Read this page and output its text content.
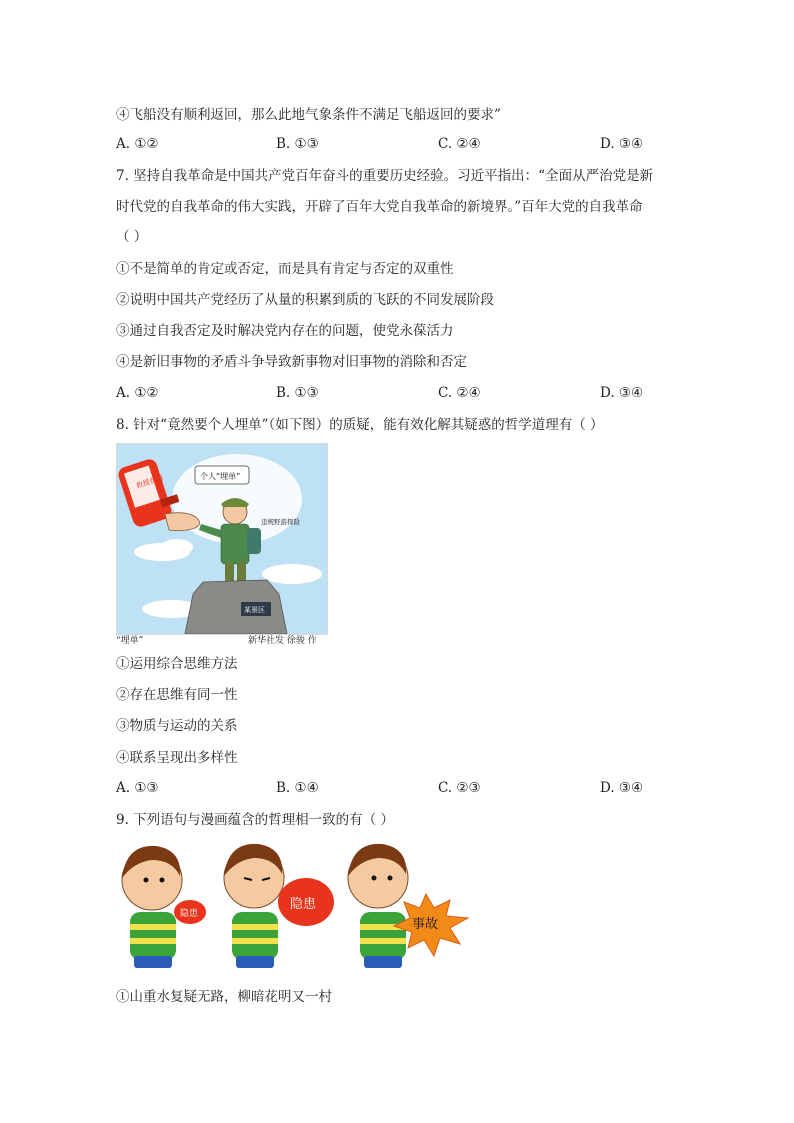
④飞船没有顺利返回，那么此地气象条件不满足飞船返回的要求”
A. ①②	B. ①③	C. ②④	D. ③④
7. 坚持自我革命是中国共产党百年奋斗的重要历史经验。习近平指出：“全面从严治党是新
时代党的自我革命的伟大实践，开辟了百年大党自我革命的新境界。”百年大党的自我革命
（ ）
①不是简单的肯定或否定，而是具有肯定与否定的双重性
②说明中国共产党经历了从量的积累到质的飞跃的不同发展阶段
③通过自我否定及时解决党内存在的问题，使党永葆活力
④是新旧事物的矛盾斗争导致新事物对旧事物的消除和否定
A. ①②	B. ①③	C. ②④	D. ③④
8. 针对“竟然要个人埋单”（如下图）的质疑，能有效化解其疑惑的哲学道理有（ ）
救援费用	个人“埋单”
违规野游探险
某景区
“埋单”	新华社发 徐骏 作
①运用综合思维方法
②存在思维有同一性
③物质与运动的关系
④联系呈现出多样性
A. ①③	B. ①④	C. ②③	D. ③④
9. 下列语句与漫画蕴含的哲理相一致的有（ ）
隐患
隐患
事故
①山重水复疑无路，柳暗花明又一村
